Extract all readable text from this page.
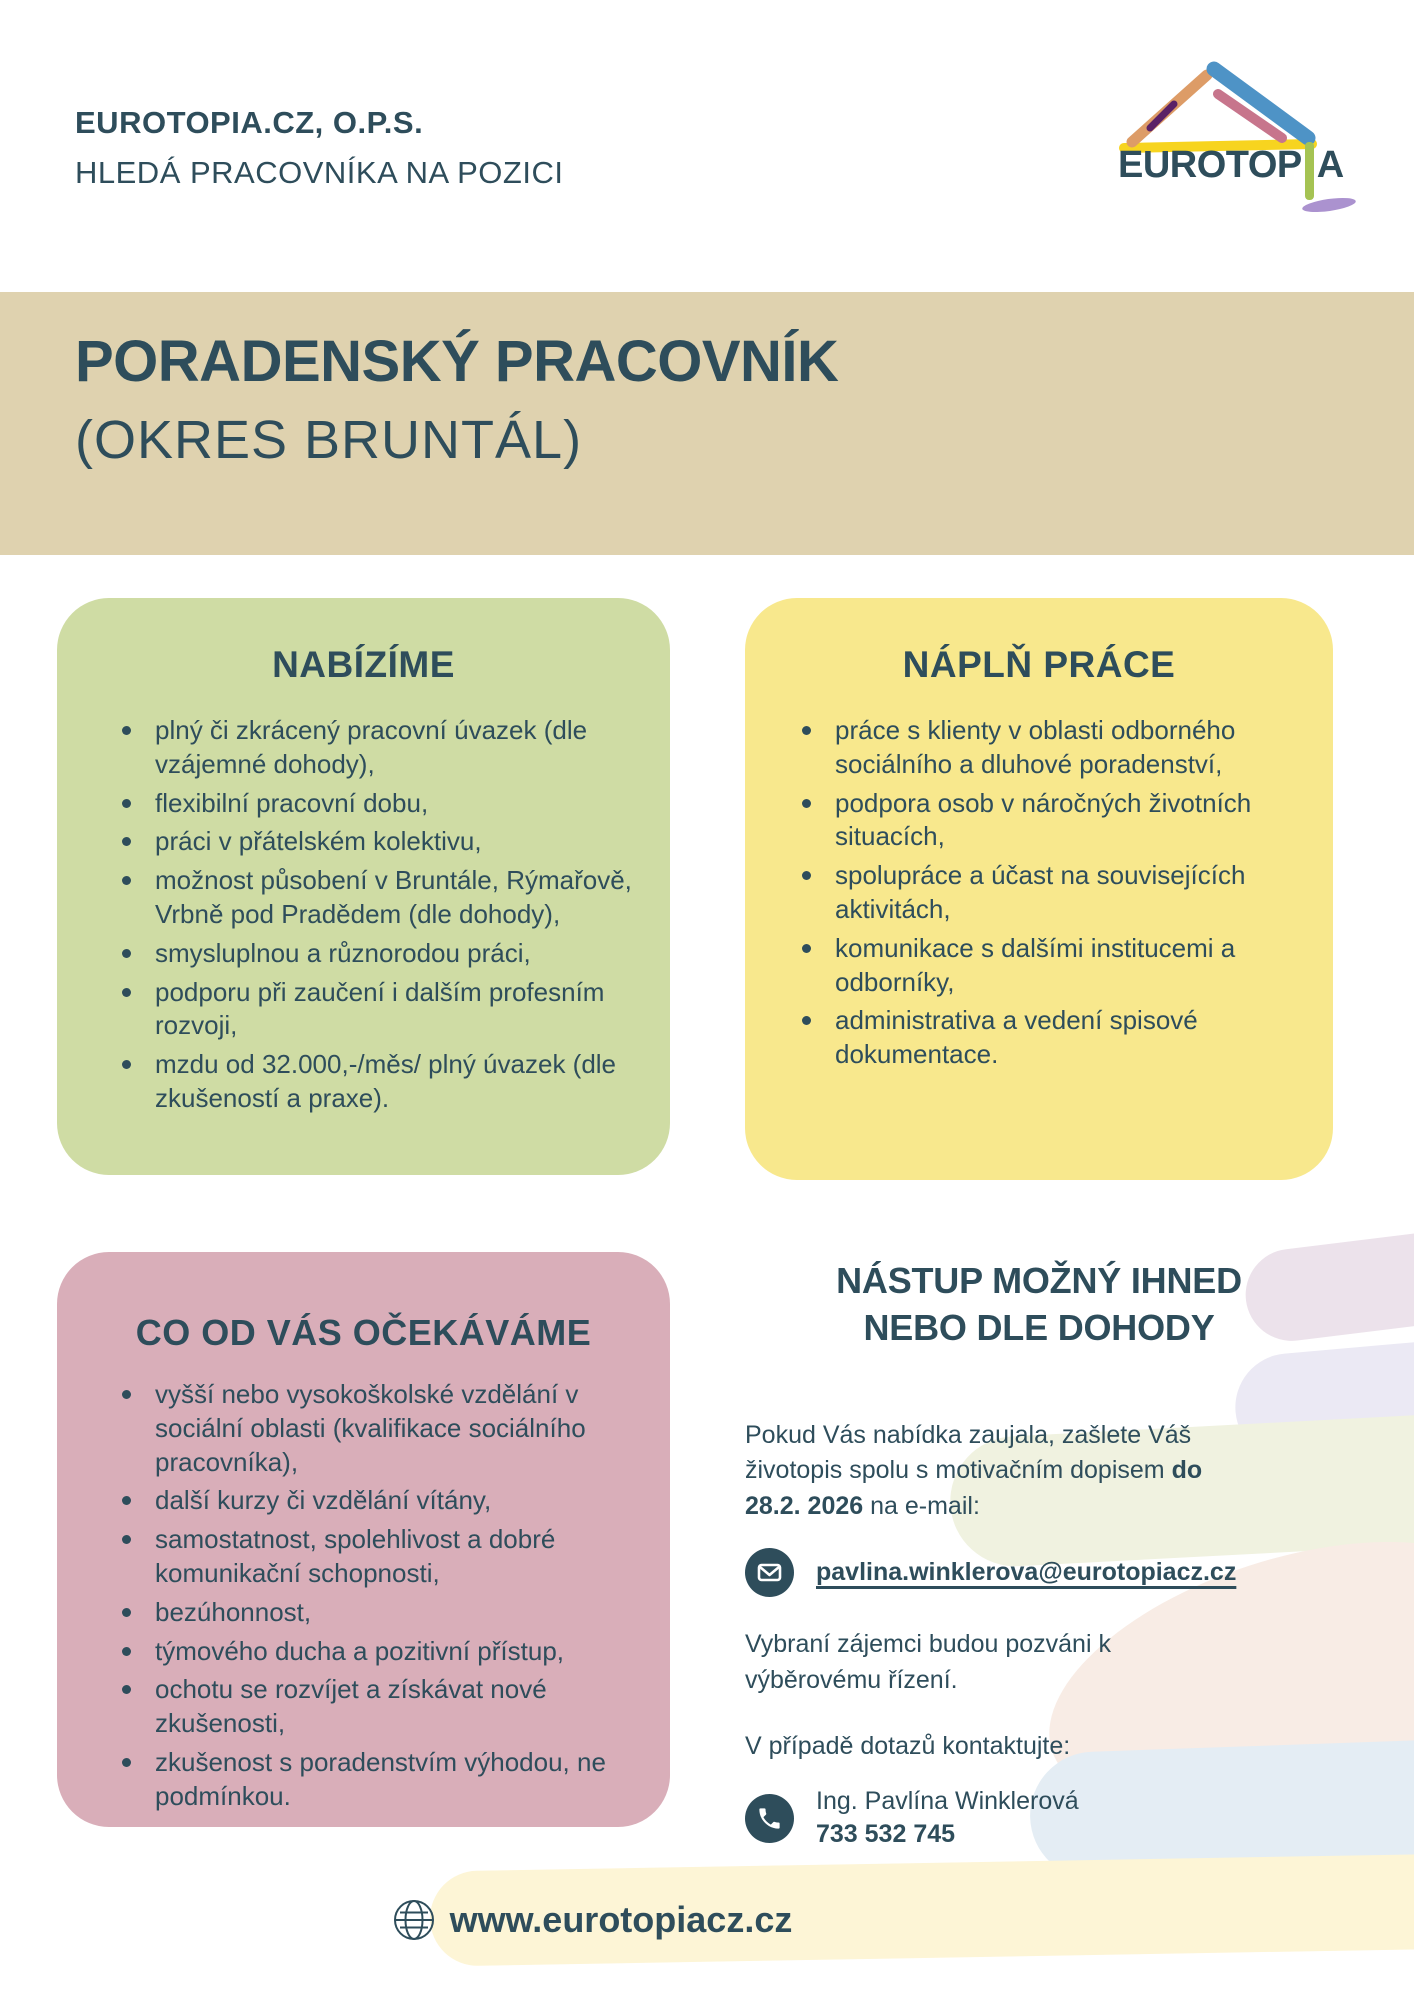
EUROTOPIA.CZ, O.P.S.
HLEDÁ PRACOVNÍKA NA POZICI	EUROTOP A
PORADENSKÝ PRACOVNÍK
(OKRES BRUNTÁL)
NABÍZÍME
plný či zkrácený pracovní úvazek (dle vzájemné dohody),
flexibilní pracovní dobu,
práci v přátelském kolektivu,
možnost působení v Bruntále, Rýmařově, Vrbně pod Pradědem (dle dohody),
smysluplnou a různorodou práci,
podporu při zaučení i dalším profesním rozvoji,
mzdu od 32.000,-/měs/ plný úvazek (dle zkušeností a praxe).
NÁPLŇ PRÁCE
práce s klienty v oblasti odborného sociálního a dluhové poradenství,
podpora osob v náročných životních situacích,
spolupráce a účast na souvisejících aktivitách,
komunikace s dalšími institucemi a odborníky,
administrativa a vedení spisové dokumentace.
CO OD VÁS OČEKÁVÁME
vyšší nebo vysokoškolské vzdělání v sociální oblasti (kvalifikace sociálního pracovníka),
další kurzy či vzdělání vítány,
samostatnost, spolehlivost a dobré komunikační schopnosti,
bezúhonnost,
týmového ducha a pozitivní přístup,
ochotu se rozvíjet a získávat nové zkušenosti,
zkušenost s poradenstvím výhodou, ne podmínkou.
NÁSTUP MOŽNÝ IHNED
NEBO DLE DOHODY

Pokud Vás nabídka zaujala, zašlete Váš životopis spolu s motivačním dopisem do 28.2. 2026 na e-mail:

pavlina.winklerova@eurotopiacz.cz

Vybraní zájemci budou pozváni k výběrovému řízení.

V případě dotazů kontaktujte:

Ing. Pavlína Winklerová
733 532 745
www.eurotopiacz.cz
